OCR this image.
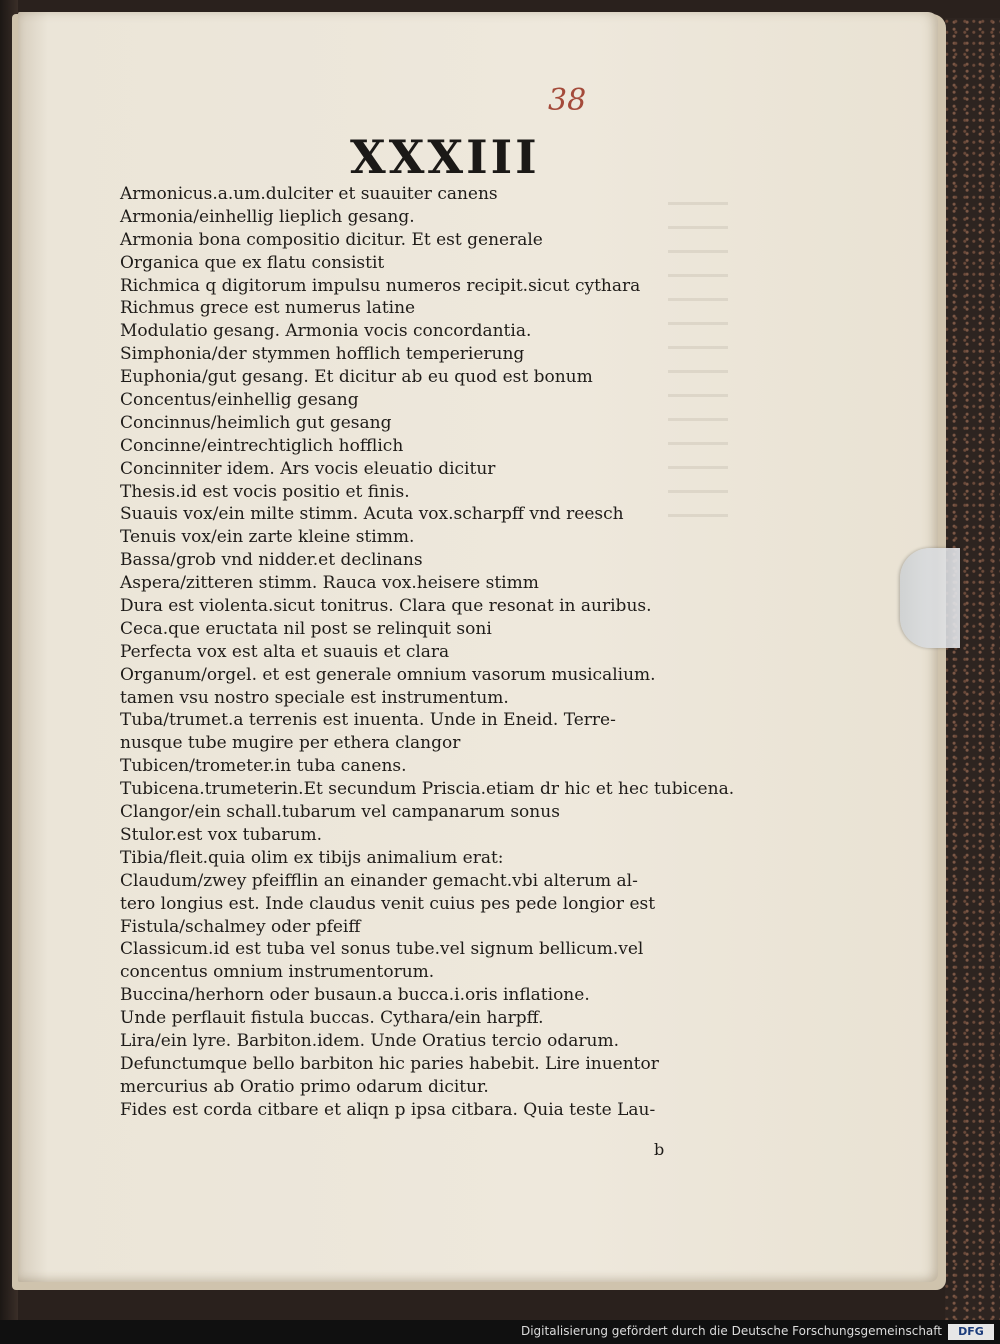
38
XXXIII
Armonicus.a.um.dulciter et suauiter canens
Armonia/einhellig lieplich gesang.
Armonia bona compositio dicitur. Et est generale
Organica que ex flatu consistit
Richmica q digitorum impulsu numeros recipit.sicut cythara
Richmus grece est numerus latine
Modulatio gesang. Armonia vocis concordantia.
Simphonia/der stymmen hofflich temperierung
Euphonia/gut gesang. Et dicitur ab eu quod est bonum
Concentus/einhellig gesang
Concinnus/heimlich gut gesang
Concinne/eintrechtiglich hofflich
Concinniter idem. Ars vocis eleuatio dicitur
Thesis.id est vocis positio et finis.
Suauis vox/ein milte stimm. Acuta vox.scharpff vnd reesch
Tenuis vox/ein zarte kleine stimm.
Bassa/grob vnd nidder.et declinans
Aspera/zitteren stimm. Rauca vox.heisere stimm
Dura est violenta.sicut tonitrus. Clara que resonat in auribus.
Ceca.que eructata nil post se relinquit soni
Perfecta vox est alta et suauis et clara
Organum/orgel. et est generale omnium vasorum musicalium.
tamen vsu nostro speciale est instrumentum.
Tuba/trumet.a terrenis est inuenta. Unde in Eneid. Terre-
nusque tube mugire per ethera clangor
Tubicen/trometer.in tuba canens.
Tubicena.trumeterin.Et secundum Priscia.etiam dr hic et hec tubicena.
Clangor/ein schall.tubarum vel campanarum sonus
Stulor.est vox tubarum.
Tibia/fleit.quia olim ex tibijs animalium erat:
Claudum/zwey pfeifflin an einander gemacht.vbi alterum al-
tero longius est. Inde claudus venit cuius pes pede longior est
Fistula/schalmey oder pfeiff
Classicum.id est tuba vel sonus tube.vel signum bellicum.vel
concentus omnium instrumentorum.
Buccina/herhorn oder busaun.a bucca.i.oris inflatione.
Unde perflauit fistula buccas. Cythara/ein harpff.
Lira/ein lyre. Barbiton.idem. Unde Oratius tercio odarum.
Defunctumque bello barbiton hic paries habebit. Lire inuentor
mercurius ab Oratio primo odarum dicitur.
Fides est corda citbare et aliqn p ipsa citbara. Quia teste Lau-
b
Digitalisierung gefördert durch die Deutsche Forschungsgemeinschaft	DFG
